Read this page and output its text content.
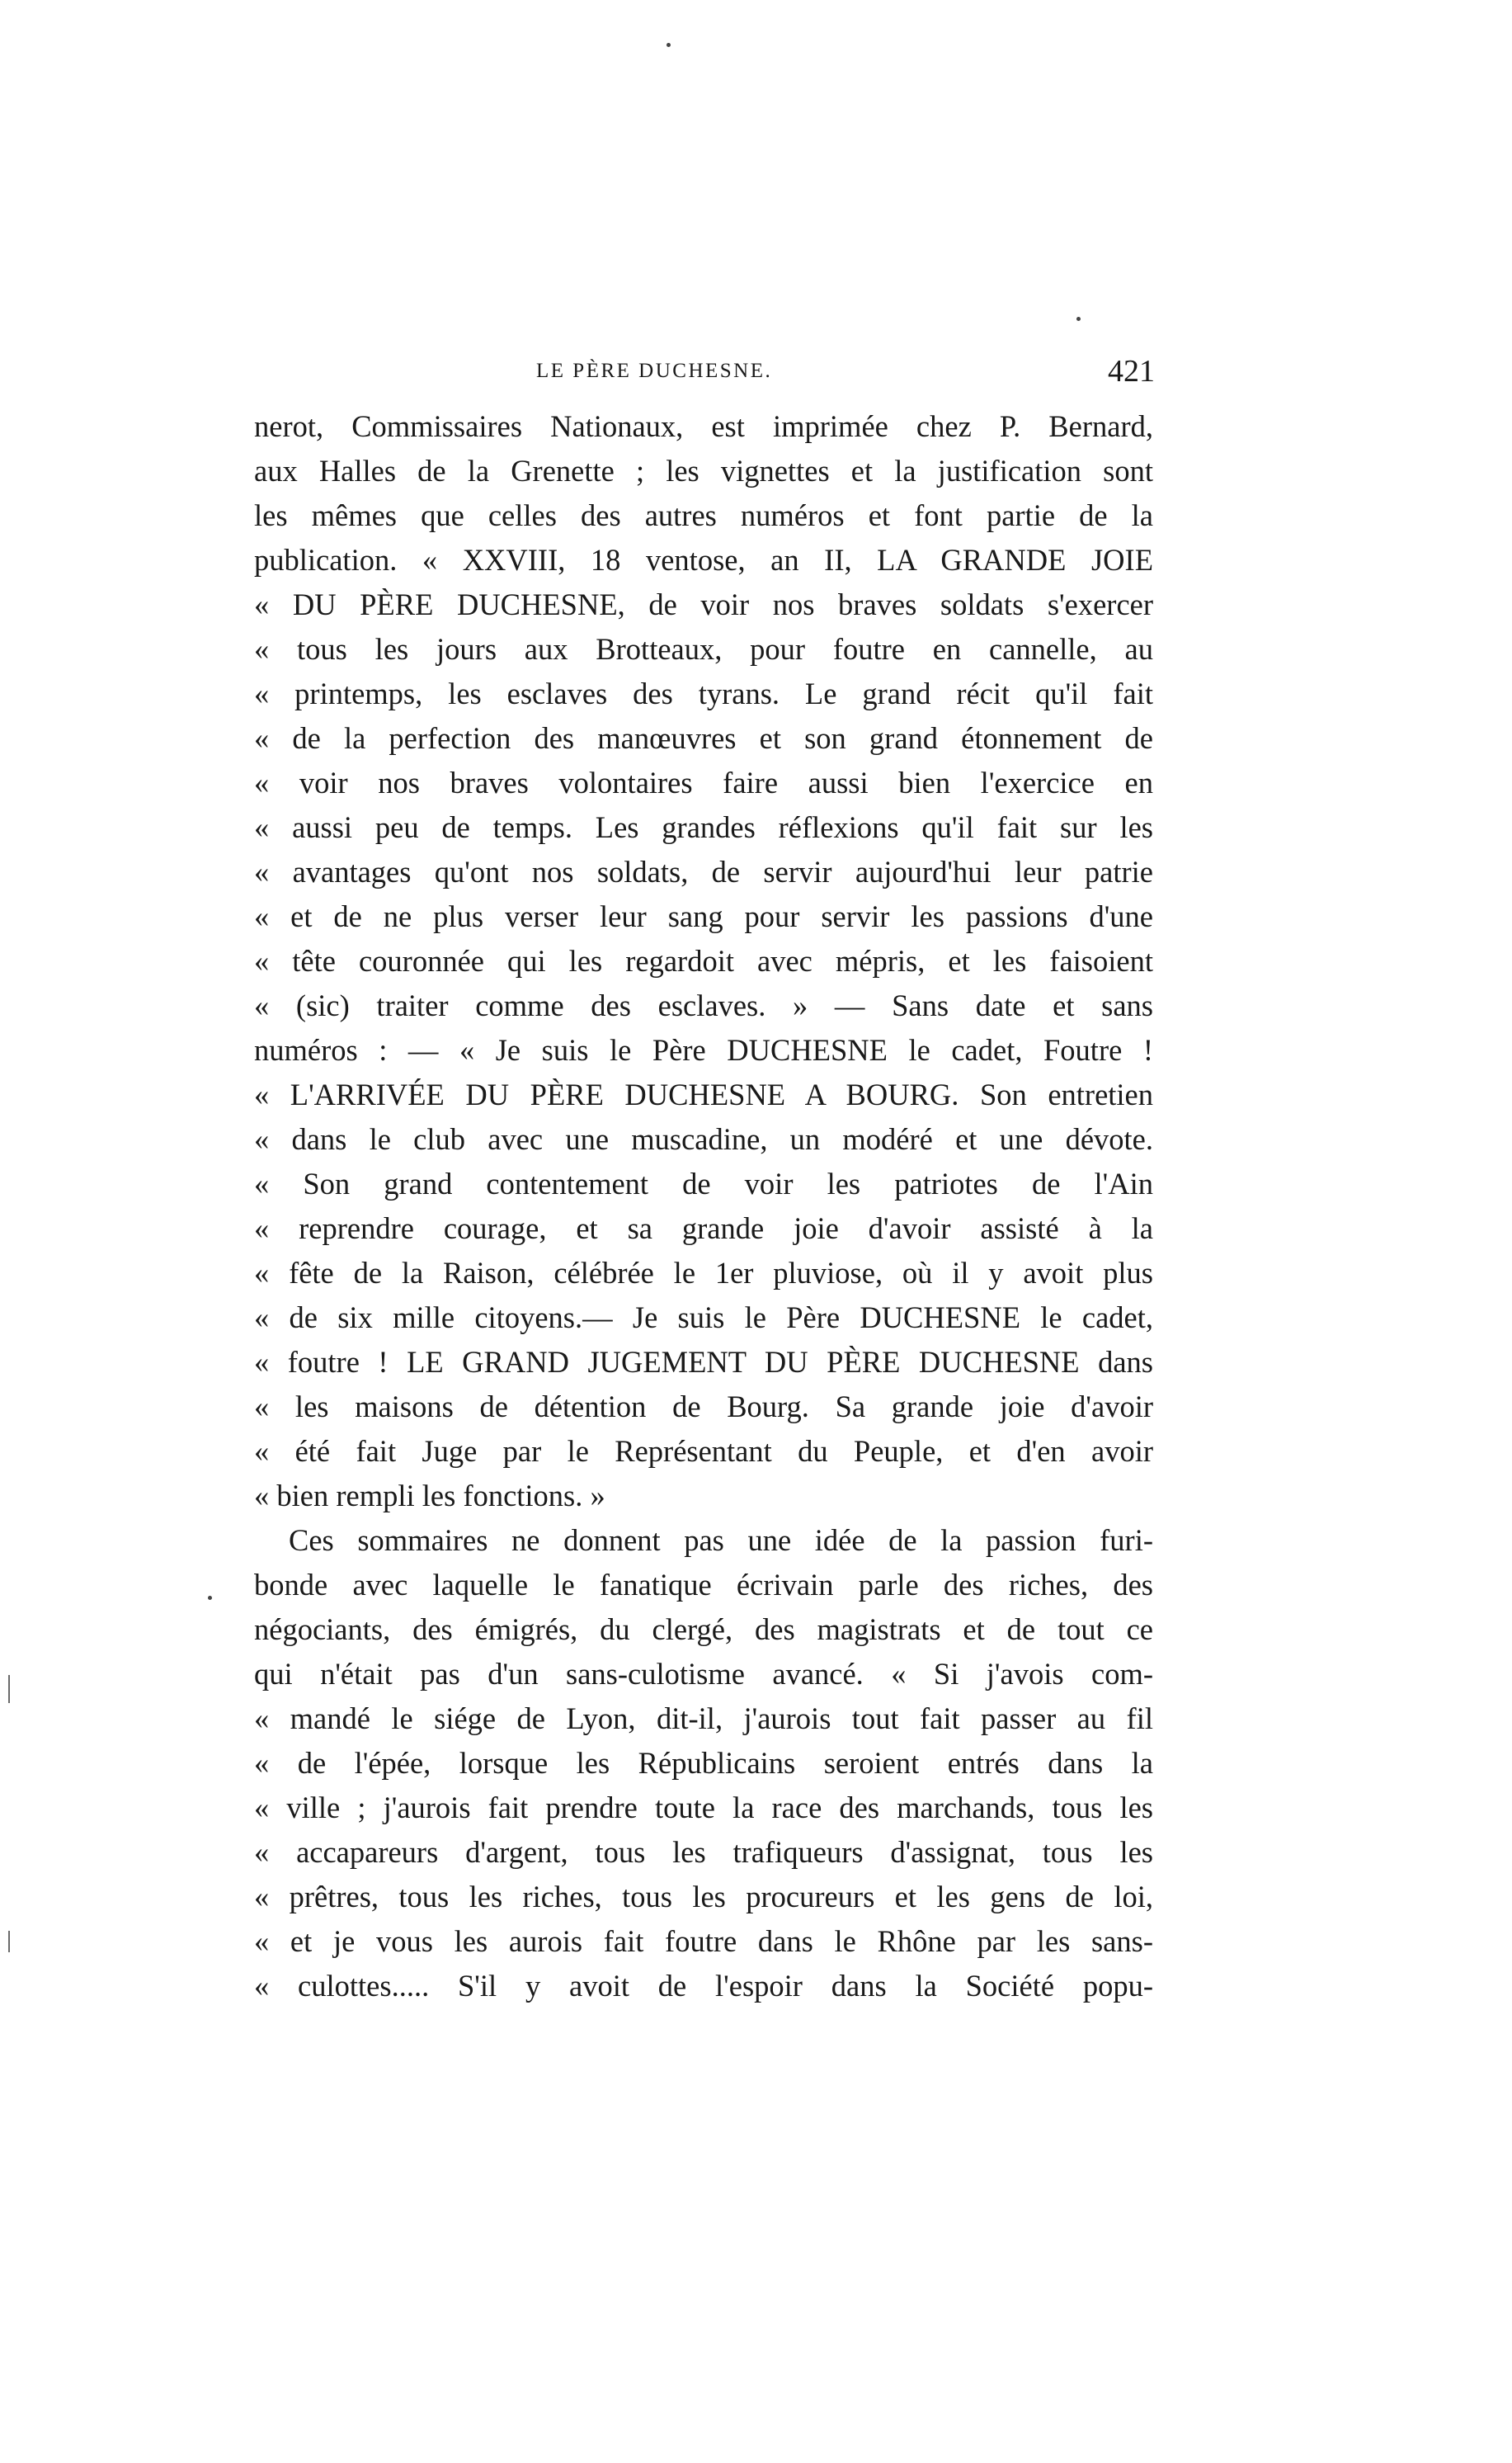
LE PÈRE DUCHESNE.	421
nerot, Commissaires Nationaux, est imprimée chez P. Bernard,
aux Halles de la Grenette ; les vignettes et la justification sont
les mêmes que celles des autres numéros et font partie de la
publication. « XXVIII, 18 ventose, an II, LA GRANDE JOIE
« DU PÈRE DUCHESNE, de voir nos braves soldats s'exercer
« tous les jours aux Brotteaux, pour foutre en cannelle, au
« printemps, les esclaves des tyrans. Le grand récit qu'il fait
« de la perfection des manœuvres et son grand étonnement de
« voir nos braves volontaires faire aussi bien l'exercice en
« aussi peu de temps. Les grandes réflexions qu'il fait sur les
« avantages qu'ont nos soldats, de servir aujourd'hui leur patrie
« et de ne plus verser leur sang pour servir les passions d'une
« tête couronnée qui les regardoit avec mépris, et les faisoient
« (sic) traiter comme des esclaves. » — Sans date et sans
numéros : — « Je suis le Père DUCHESNE le cadet, Foutre !
« L'ARRIVÉE DU PÈRE DUCHESNE A BOURG. Son entretien
« dans le club avec une muscadine, un modéré et une dévote.
« Son grand contentement de voir les patriotes de l'Ain
« reprendre courage, et sa grande joie d'avoir assisté à la
« fête de la Raison, célébrée le 1er pluviose, où il y avoit plus
« de six mille citoyens.— Je suis le Père DUCHESNE le cadet,
« foutre ! LE GRAND JUGEMENT DU PÈRE DUCHESNE dans
« les maisons de détention de Bourg. Sa grande joie d'avoir
« été fait Juge par le Représentant du Peuple, et d'en avoir
« bien rempli les fonctions. »
Ces sommaires ne donnent pas une idée de la passion furi-
bonde avec laquelle le fanatique écrivain parle des riches, des
négociants, des émigrés, du clergé, des magistrats et de tout ce
qui n'était pas d'un sans-culotisme avancé. « Si j'avois com-
« mandé le siége de Lyon, dit-il, j'aurois tout fait passer au fil
« de l'épée, lorsque les Républicains seroient entrés dans la
« ville ; j'aurois fait prendre toute la race des marchands, tous les
« accapareurs d'argent, tous les trafiqueurs d'assignat, tous les
« prêtres, tous les riches, tous les procureurs et les gens de loi,
« et je vous les aurois fait foutre dans le Rhône par les sans-
« culottes..... S'il y avoit de l'espoir dans la Société popu-
